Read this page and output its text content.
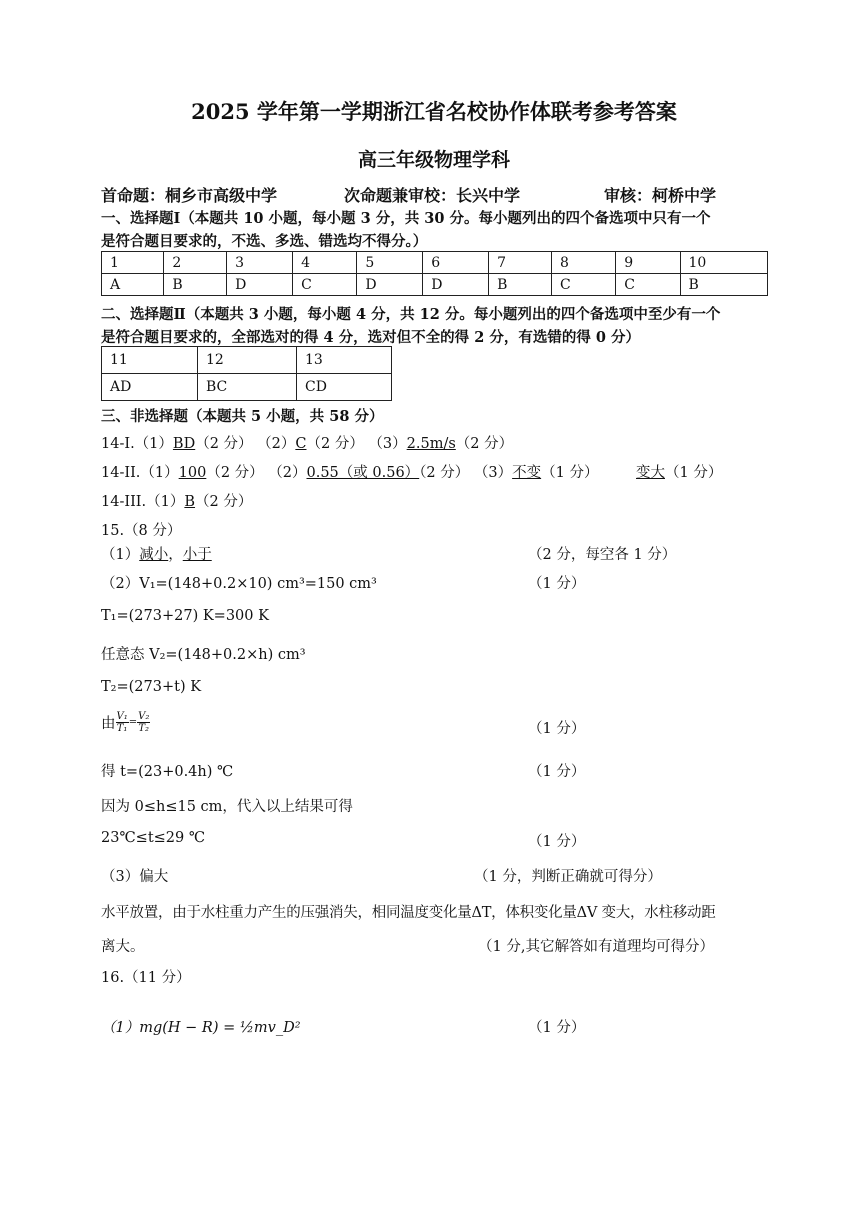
2025 学年第一学期浙江省名校协作体联考参考答案
高三年级物理学科
首命题：桐乡市高级中学	次命题兼审校：长兴中学	审核：柯桥中学
一、选择题Ⅰ（本题共 10 小题，每小题 3 分，共 30 分。每小题列出的四个备选项中只有一个
是符合题目要求的，不选、多选、错选均不得分。）
1	2	3	4	5	6	7	8	9	10
A	B	D	C	D	D	B	C	C	B
二、选择题Ⅱ（本题共 3 小题，每小题 4 分，共 12 分。每小题列出的四个备选项中至少有一个
是符合题目要求的，全部选对的得 4 分，选对但不全的得 2 分，有选错的得 0 分）
11	12	13
AD	BC	CD
三、非选择题（本题共 5 小题，共 58 分）
14-I.（1）BD（2 分） （2）C（2 分） （3）2.5m/s（2 分）
14-II.（1）100（2 分） （2）0.55（或 0.56）（2 分） （3）不变（1 分）	变大（1 分）
14-III.（1）B（2 分）
15.（8 分）
（1）减小，小于	（2 分，每空各 1 分）
（2）V₁=(148+0.2×10) cm³=150 cm³	（1 分）
T₁=(273+27) K=300 K
任意态 V₂=(148+0.2×h) cm³
T₂=(273+t) K
由 $\frac{\text{V₁}}{\text{T₁}} = \frac{\text{V₂}}{\text{T₂}}$	（1 分）
得 t=(23+0.4h) ℃	（1 分）
因为 0≤h≤15 cm，代入以上结果可得
23℃≤t≤29 ℃	（1 分）
（3）偏大	（1 分，判断正确就可得分）
水平放置，由于水柱重力产生的压强消失，相同温度变化量ΔT，体积变化量ΔV 变大，水柱移动距
离大。	（1 分,其它解答如有道理均可得分）
16.（11 分）
（1）mg(H − R) = ½mv_D²	（1 分）
